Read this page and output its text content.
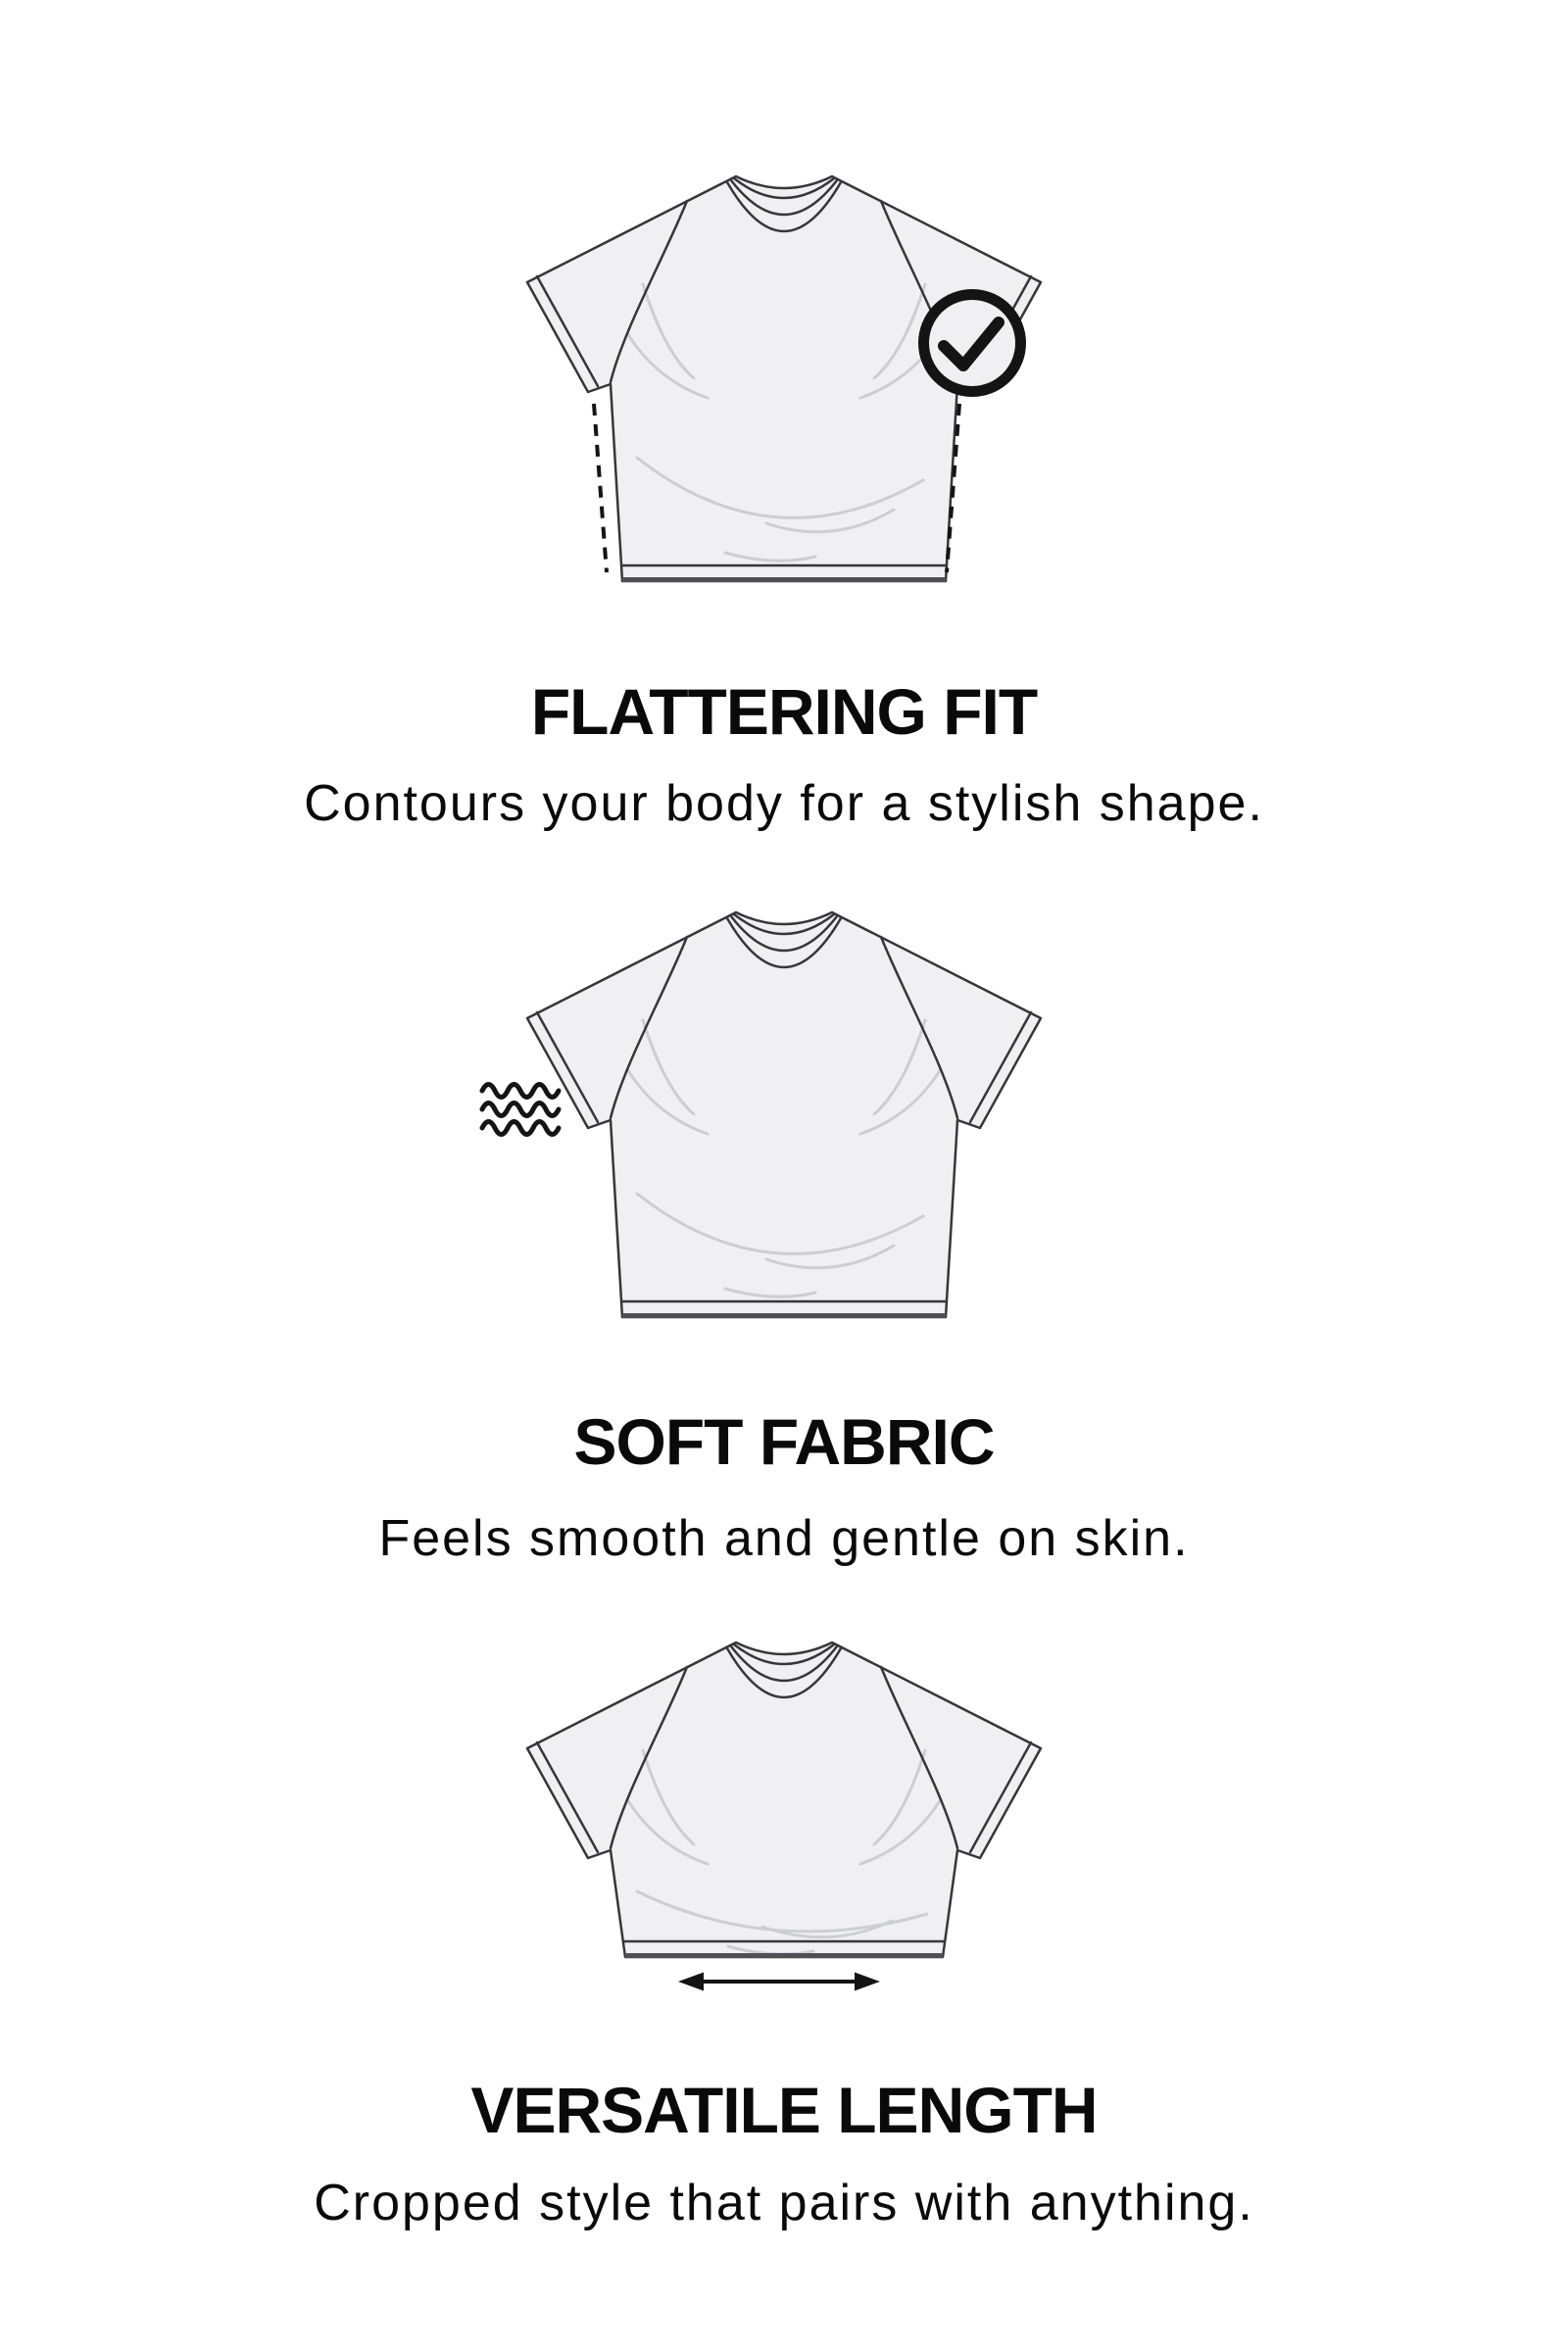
FLATTERING FIT

Contours your body for a stylish shape.

SOFT FABRIC

Feels smooth and gentle on skin.

VERSATILE LENGTH

Cropped style that pairs with anything.
